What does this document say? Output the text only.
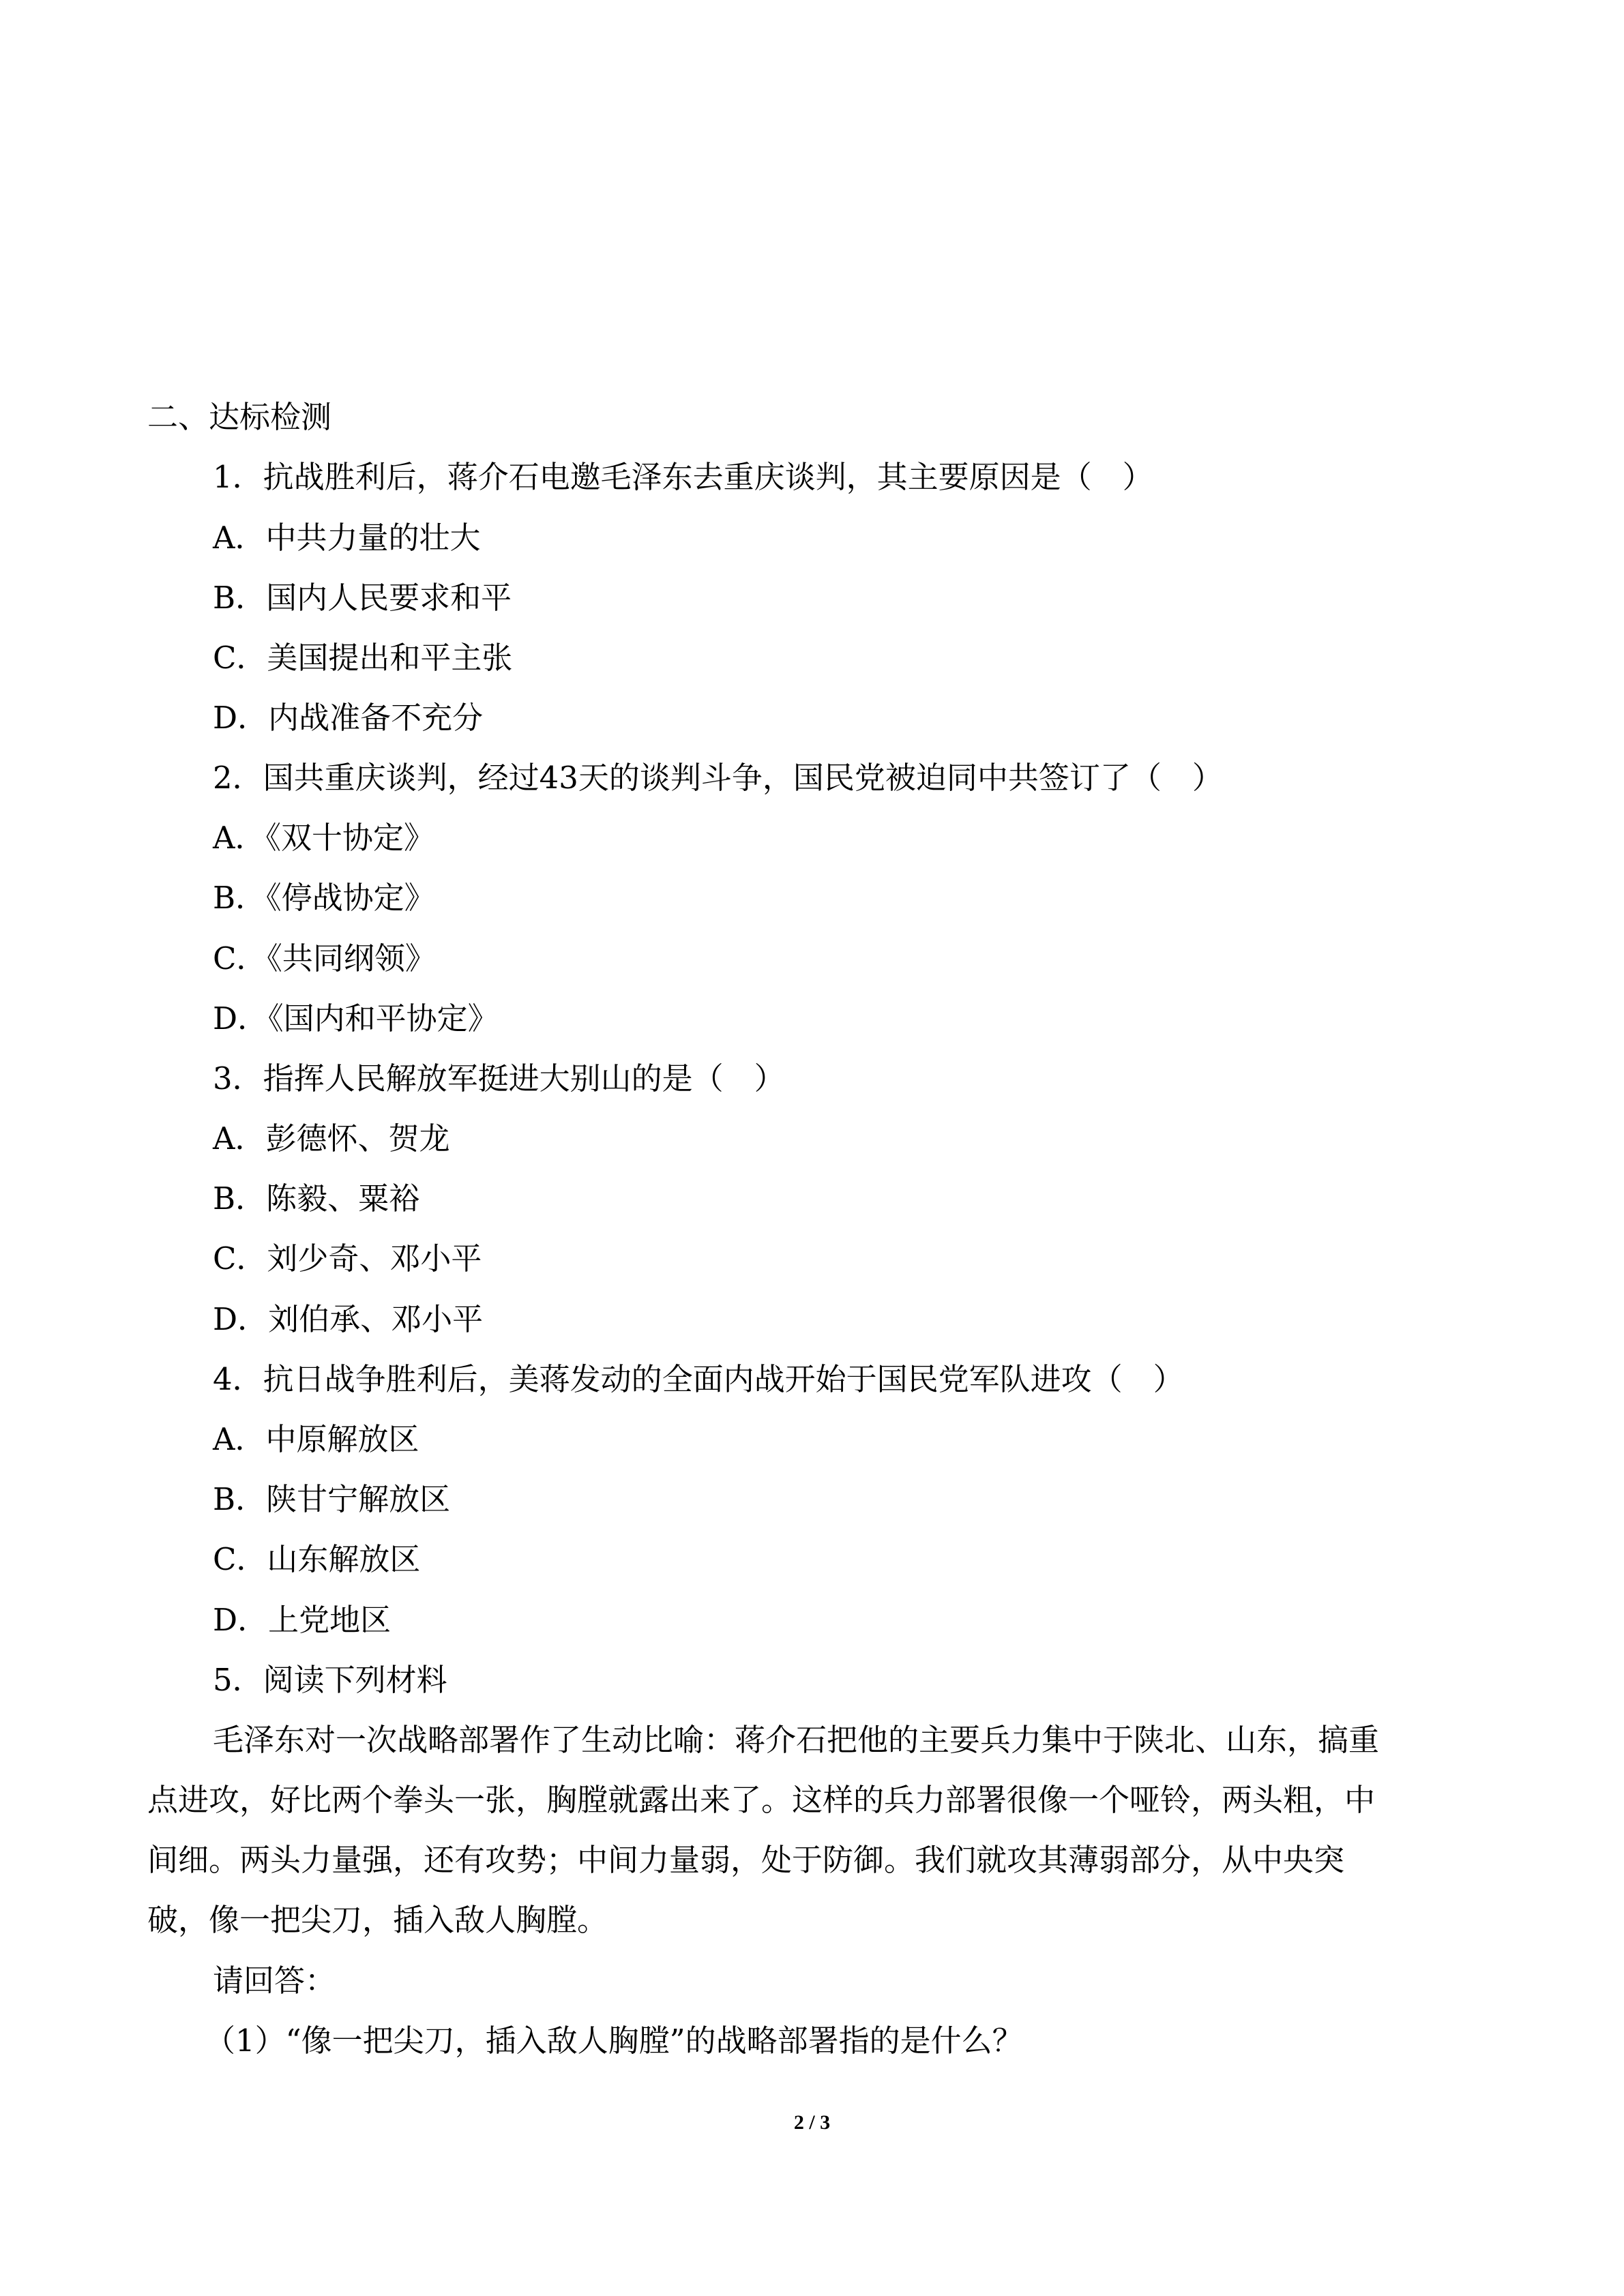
二、达标检测
1．抗战胜利后，蒋介石电邀毛泽东去重庆谈判，其主要原因是（　）
A．中共力量的壮大
B．国内人民要求和平
C．美国提出和平主张
D．内战准备不充分
2．国共重庆谈判，经过43天的谈判斗争，国民党被迫同中共签订了（　）
A．《双十协定》
B．《停战协定》
C．《共同纲领》
D．《国内和平协定》
3．指挥人民解放军挺进大别山的是（　）
A．彭德怀、贺龙
B．陈毅、粟裕
C．刘少奇、邓小平
D．刘伯承、邓小平
4．抗日战争胜利后，美蒋发动的全面内战开始于国民党军队进攻（　）
A．中原解放区
B．陕甘宁解放区
C．山东解放区
D．上党地区
5．阅读下列材料
毛泽东对一次战略部署作了生动比喻：蒋介石把他的主要兵力集中于陕北、山东，搞重
点进攻，好比两个拳头一张，胸膛就露出来了。这样的兵力部署很像一个哑铃，两头粗，中
间细。两头力量强，还有攻势；中间力量弱，处于防御。我们就攻其薄弱部分，从中央突
破，像一把尖刀，插入敌人胸膛。
请回答：
（1）“像一把尖刀，插入敌人胸膛”的战略部署指的是什么？
2 / 3
